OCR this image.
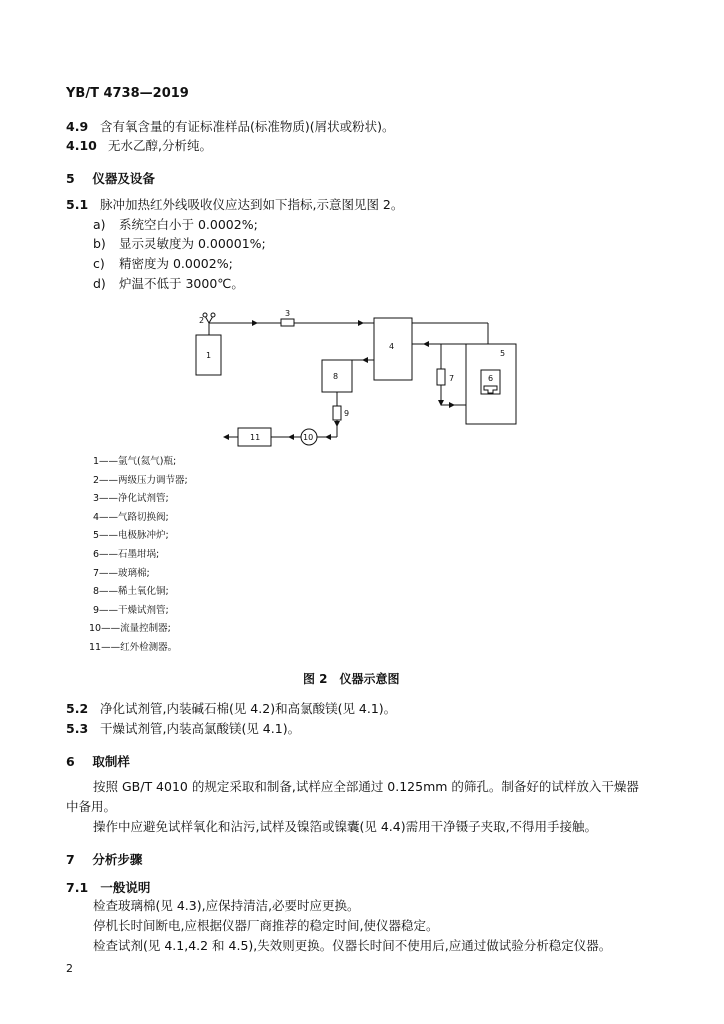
YB/T 4738—2019
4.9 含有氧含量的有证标准样品(标准物质)(屑状或粉状)。
4.10 无水乙醇,分析纯。
5 仪器及设备
5.1 脉冲加热红外线吸收仪应达到如下指标,示意图见图 2。
a) 系统空白小于 0.0002%;
b) 显示灵敏度为 0.00001%;
c) 精密度为 0.0002%;
d) 炉温不低于 3000℃。
1
2
3
4
5
6
7
8
9
10
11
1——氩气(氦气)瓶;
2——两级压力调节器;
3——净化试剂管;
4——气路切换阀;
5——电极脉冲炉;
6——石墨坩埚;
7——玻璃棉;
8——稀土氧化铜;
9——干燥试剂管;
10——流量控制器;
11——红外检测器。
图 2　仪器示意图
5.2 净化试剂管,内装碱石棉(见 4.2)和高氯酸镁(见 4.1)。
5.3 干燥试剂管,内装高氯酸镁(见 4.1)。
6 取制样
按照 GB/T 4010 的规定采取和制备,试样应全部通过 0.125mm 的筛孔。制备好的试样放入干燥器
中备用。
操作中应避免试样氧化和沾污,试样及镍箔或镍囊(见 4.4)需用干净镊子夹取,不得用手接触。
7 分析步骤
7.1 一般说明
检查玻璃棉(见 4.3),应保持清洁,必要时应更换。
停机长时间断电,应根据仪器厂商推荐的稳定时间,使仪器稳定。
检查试剂(见 4.1,4.2 和 4.5),失效则更换。仪器长时间不使用后,应通过做试验分析稳定仪器。
2
